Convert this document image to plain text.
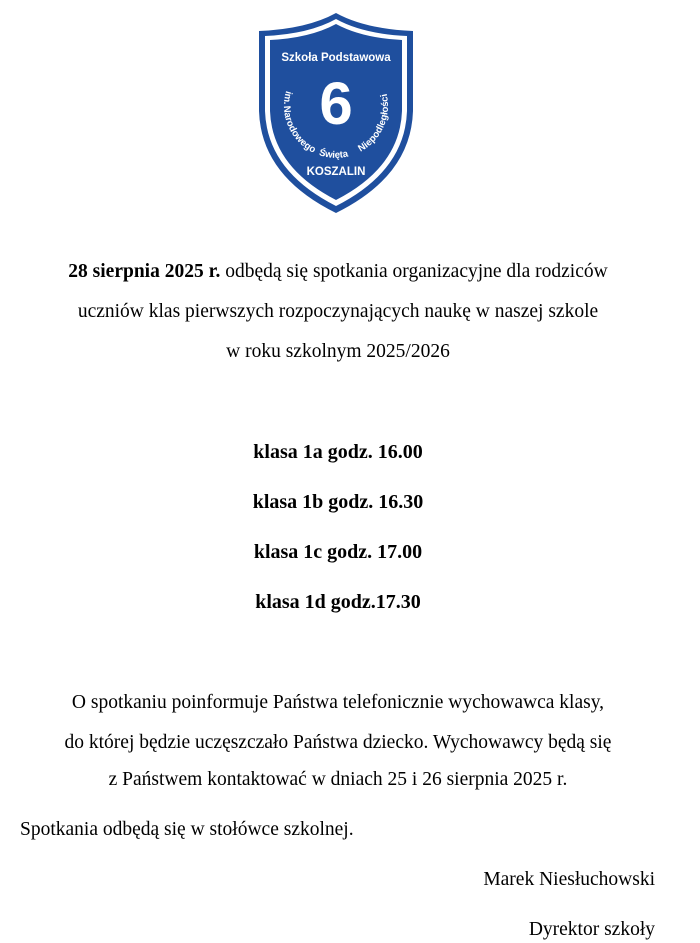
Szkoła Podstawowa
6
im.
Narodowego Święta
Niepodległości
KOSZALIN
28 sierpnia 2025 r. odbędą się spotkania organizacyjne dla rodziców
uczniów klas pierwszych rozpoczynających naukę w naszej szkole
w roku szkolnym 2025/2026
klasa 1a godz. 16.00
klasa 1b godz. 16.30
klasa 1c godz. 17.00
klasa 1d godz.17.30
O spotkaniu poinformuje Państwa telefonicznie wychowawca klasy,
do której będzie uczęszczało Państwa dziecko. Wychowawcy będą się
z Państwem kontaktować w dniach 25 i 26 sierpnia 2025 r.
Spotkania odbędą się w stołówce szkolnej.
Marek Niesłuchowski
Dyrektor szkoły
